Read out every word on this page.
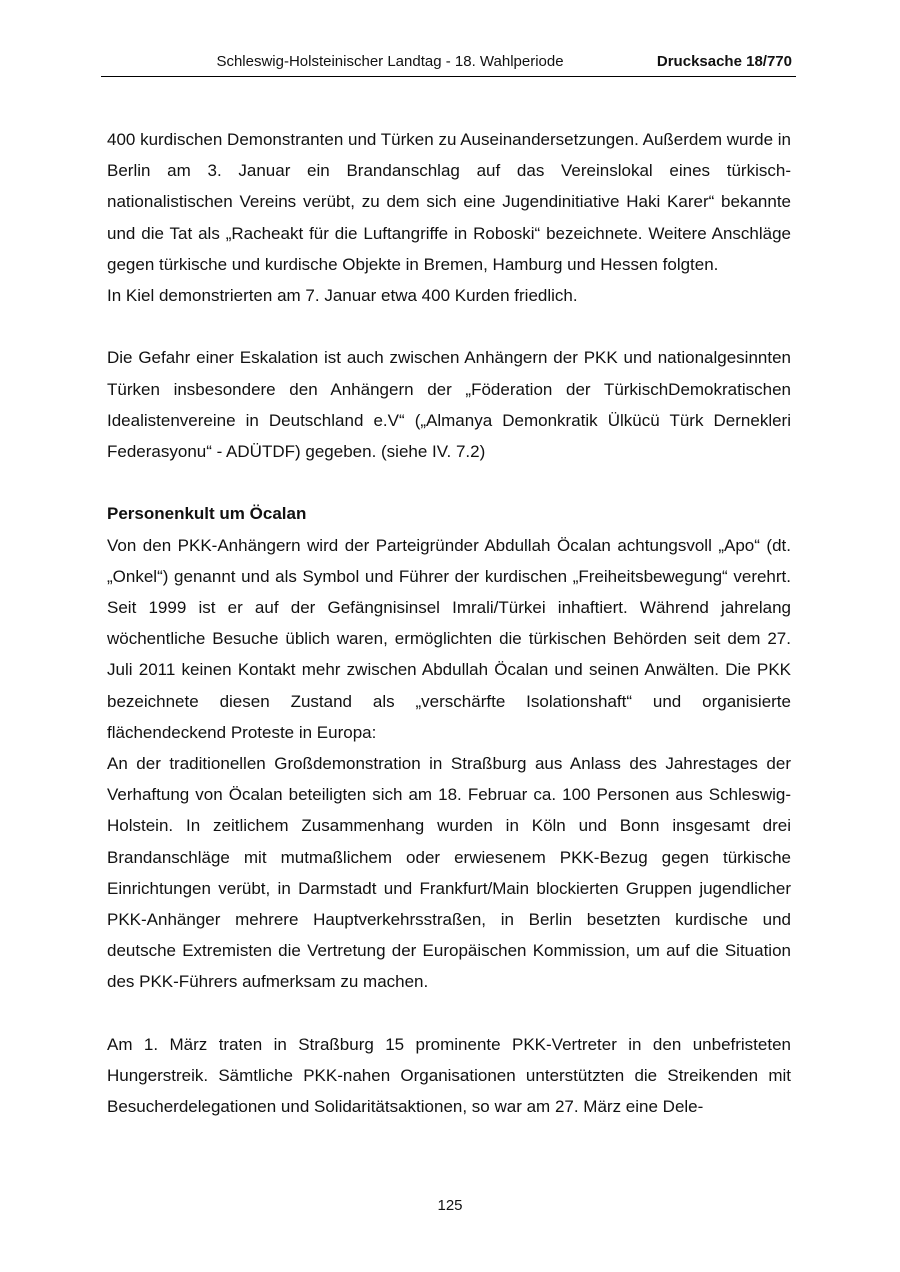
Schleswig-Holsteinischer Landtag - 18. Wahlperiode	Drucksache 18/770

400 kurdischen Demonstranten und Türken zu Auseinandersetzungen. Außerdem wurde in Berlin am 3. Januar ein Brandanschlag auf das Vereinslokal eines türkischnationalistischen Vereins verübt, zu dem sich eine Jugendinitiative Haki Karer“ bekannte und die Tat als „Racheakt für die Luftangriffe in Roboski“ bezeichnete. Weitere Anschläge gegen türkische und kurdische Objekte in Bremen, Hamburg und Hessen folgten.

In Kiel demonstrierten am 7. Januar etwa 400 Kurden friedlich.

Die Gefahr einer Eskalation ist auch zwischen Anhängern der PKK und nationalgesinnten Türken insbesondere den Anhängern der „Föderation der TürkischDemokratischen Idealistenvereine in Deutschland e.V“ („Almanya Demonkratik Ülkücü Türk Dernekleri Federasyonu“ - ADÜTDF) gegeben. (siehe IV. 7.2)

Personenkult um Öcalan

Von den PKK-Anhängern wird der Parteigründer Abdullah Öcalan achtungsvoll „Apo“ (dt. „Onkel“) genannt und als Symbol und Führer der kurdischen „Freiheitsbewegung“ verehrt. Seit 1999 ist er auf der Gefängnisinsel Imrali/Türkei inhaftiert. Während jahrelang wöchentliche Besuche üblich waren, ermöglichten die türkischen Behörden seit dem 27. Juli 2011 keinen Kontakt mehr zwischen Abdullah Öcalan und seinen Anwälten. Die PKK bezeichnete diesen Zustand als „verschärfte Isolationshaft“ und organisierte flächendeckend Proteste in Europa:

An der traditionellen Großdemonstration in Straßburg aus Anlass des Jahrestages der Verhaftung von Öcalan beteiligten sich am 18. Februar ca. 100 Personen aus Schleswig-Holstein. In zeitlichem Zusammenhang wurden in Köln und Bonn insgesamt drei Brandanschläge mit mutmaßlichem oder erwiesenem PKK-Bezug gegen türkische Einrichtungen verübt, in Darmstadt und Frankfurt/Main blockierten Gruppen jugendlicher PKK-Anhänger mehrere Hauptverkehrsstraßen, in Berlin besetzten kurdische und deutsche Extremisten die Vertretung der Europäischen Kommission, um auf die Situation des PKK-Führers aufmerksam zu machen.

Am 1. März traten in Straßburg 15 prominente PKK-Vertreter in den unbefristeten Hungerstreik. Sämtliche PKK-nahen Organisationen unterstützten die Streikenden mit Besucherdelegationen und Solidaritätsaktionen, so war am 27. März eine Dele-

125
